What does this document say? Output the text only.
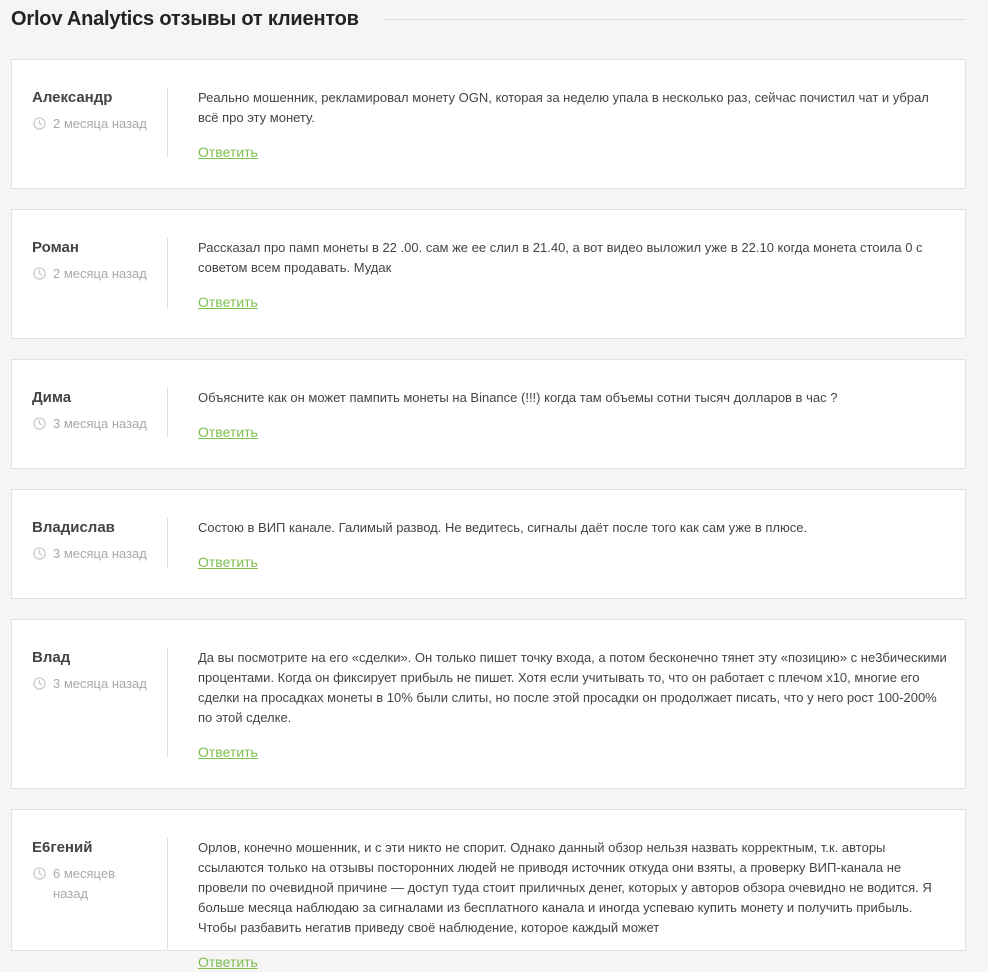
Orlov Analytics отзывы от клиентов
Александр
2 месяца назад
Реально мошенник, рекламировал монету OGN, которая за неделю упала в несколько раз, сейчас почистил чат и убрал всё про эту монету.
Ответить
Роман
2 месяца назад
Рассказал про памп монеты в 22 .00. сам же ее слил в 21.40, а вот видео выложил уже в 22.10 когда монета стоила 0 с советом всем продавать. Мудак
Ответить
Дима
3 месяца назад
Объясните как он может пампить монеты на Binance (!!!) когда там объемы сотни тысяч долларов в час ?
Ответить
Владислав
3 месяца назад
Состою в ВИП канале. Галимый развод. Не ведитесь, сигналы даёт после того как сам уже в плюсе.
Ответить
Влад
3 месяца назад
Да вы посмотрите на его «сделки». Он только пишет точку входа, а потом бесконечно тянет эту «позицию» с не3бическими процентами. Когда он фиксирует прибыль не пишет. Хотя если учитывать то, что он работает с плечом х10, многие его сделки на просадках монеты в 10% были слиты, но после этой просадки он продолжает писать, что у него рост 100-200% по этой сделке.
Ответить
Е6гений
6 месяцев назад
Орлов, конечно мошенник, и с эти никто не спорит. Однако данный обзор нельзя назвать корректным, т.к. авторы ссылаются только на отзывы посторонних людей не приводя источник откуда они взяты, а проверку ВИП-канала не провели по очевидной причине — доступ туда стоит приличных денег, которых у авторов обзора очевидно не водится. Я больше месяца наблюдаю за сигналами из бесплатного канала и иногда успеваю купить монету и получить прибыль. Чтобы разбавить негатив приведу своё наблюдение, которое каждый может
Ответить
